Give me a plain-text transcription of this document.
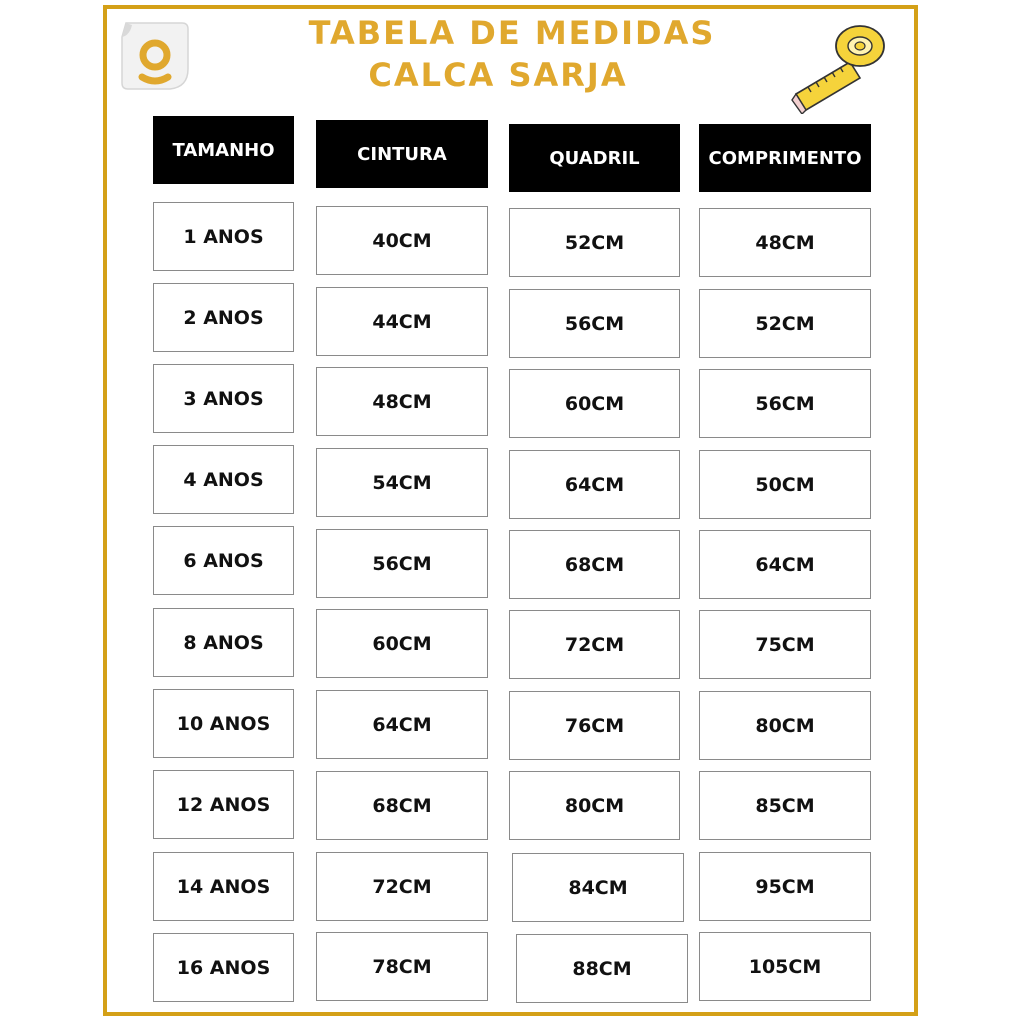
TABELA DE MEDIDAS
CALCA SARJA
TAMANHO	CINTURA	QUADRIL	COMPRIMENTO
1 ANOS	40CM	52CM	48CM
2 ANOS	44CM	56CM	52CM
3 ANOS	48CM	60CM	56CM
4 ANOS	54CM	64CM	50CM
6 ANOS	56CM	68CM	64CM
8 ANOS	60CM	72CM	75CM
10 ANOS	64CM	76CM	80CM
12 ANOS	68CM	80CM	85CM
14 ANOS	72CM	84CM	95CM
16 ANOS	78CM	88CM	105CM
